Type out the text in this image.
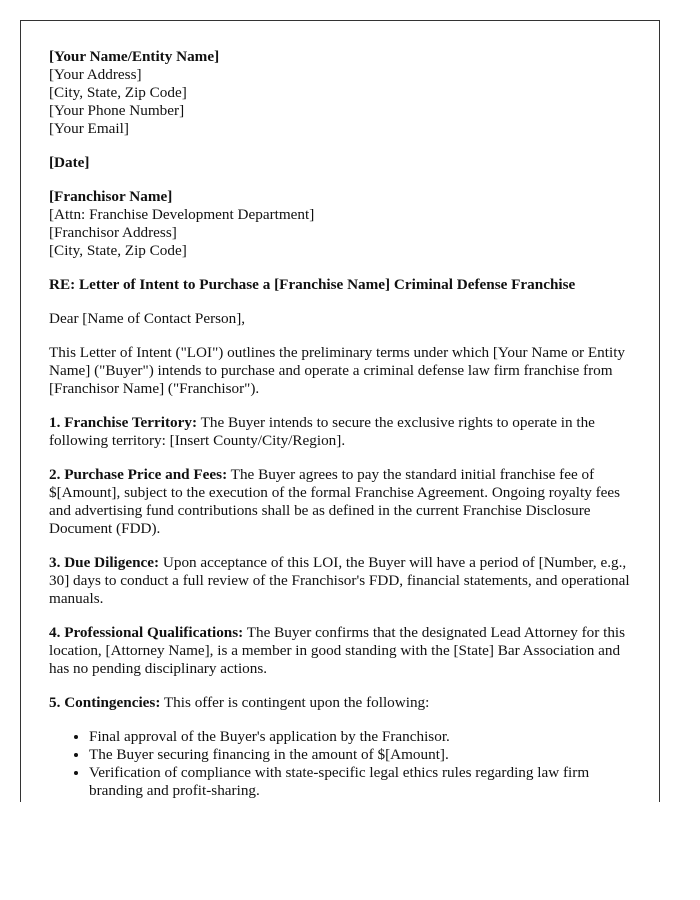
[Your Name/Entity Name]
[Your Address]
[City, State, Zip Code]
[Your Phone Number]
[Your Email]
[Date]
[Franchisor Name]
[Attn: Franchise Development Department]
[Franchisor Address]
[City, State, Zip Code]
RE: Letter of Intent to Purchase a [Franchise Name] Criminal Defense Franchise

Dear [Name of Contact Person],

This Letter of Intent ("LOI") outlines the preliminary terms under which [Your Name or Entity Name] ("Buyer") intends to purchase and operate a criminal defense law firm franchise from [Franchisor Name] ("Franchisor").

1. Franchise Territory: The Buyer intends to secure the exclusive rights to operate in the following territory: [Insert County/City/Region].

2. Purchase Price and Fees: The Buyer agrees to pay the standard initial franchise fee of $[Amount], subject to the execution of the formal Franchise Agreement. Ongoing royalty fees and advertising fund contributions shall be as defined in the current Franchise Disclosure Document (FDD).

3. Due Diligence: Upon acceptance of this LOI, the Buyer will have a period of [Number, e.g., 30] days to conduct a full review of the Franchisor's FDD, financial statements, and operational manuals.

4. Professional Qualifications: The Buyer confirms that the designated Lead Attorney for this location, [Attorney Name], is a member in good standing with the [State] Bar Association and has no pending disciplinary actions.

5. Contingencies: This offer is contingent upon the following:

• Final approval of the Buyer's application by the Franchisor.
• The Buyer securing financing in the amount of $[Amount].
• Verification of compliance with state-specific legal ethics rules regarding law firm branding and profit-sharing.
